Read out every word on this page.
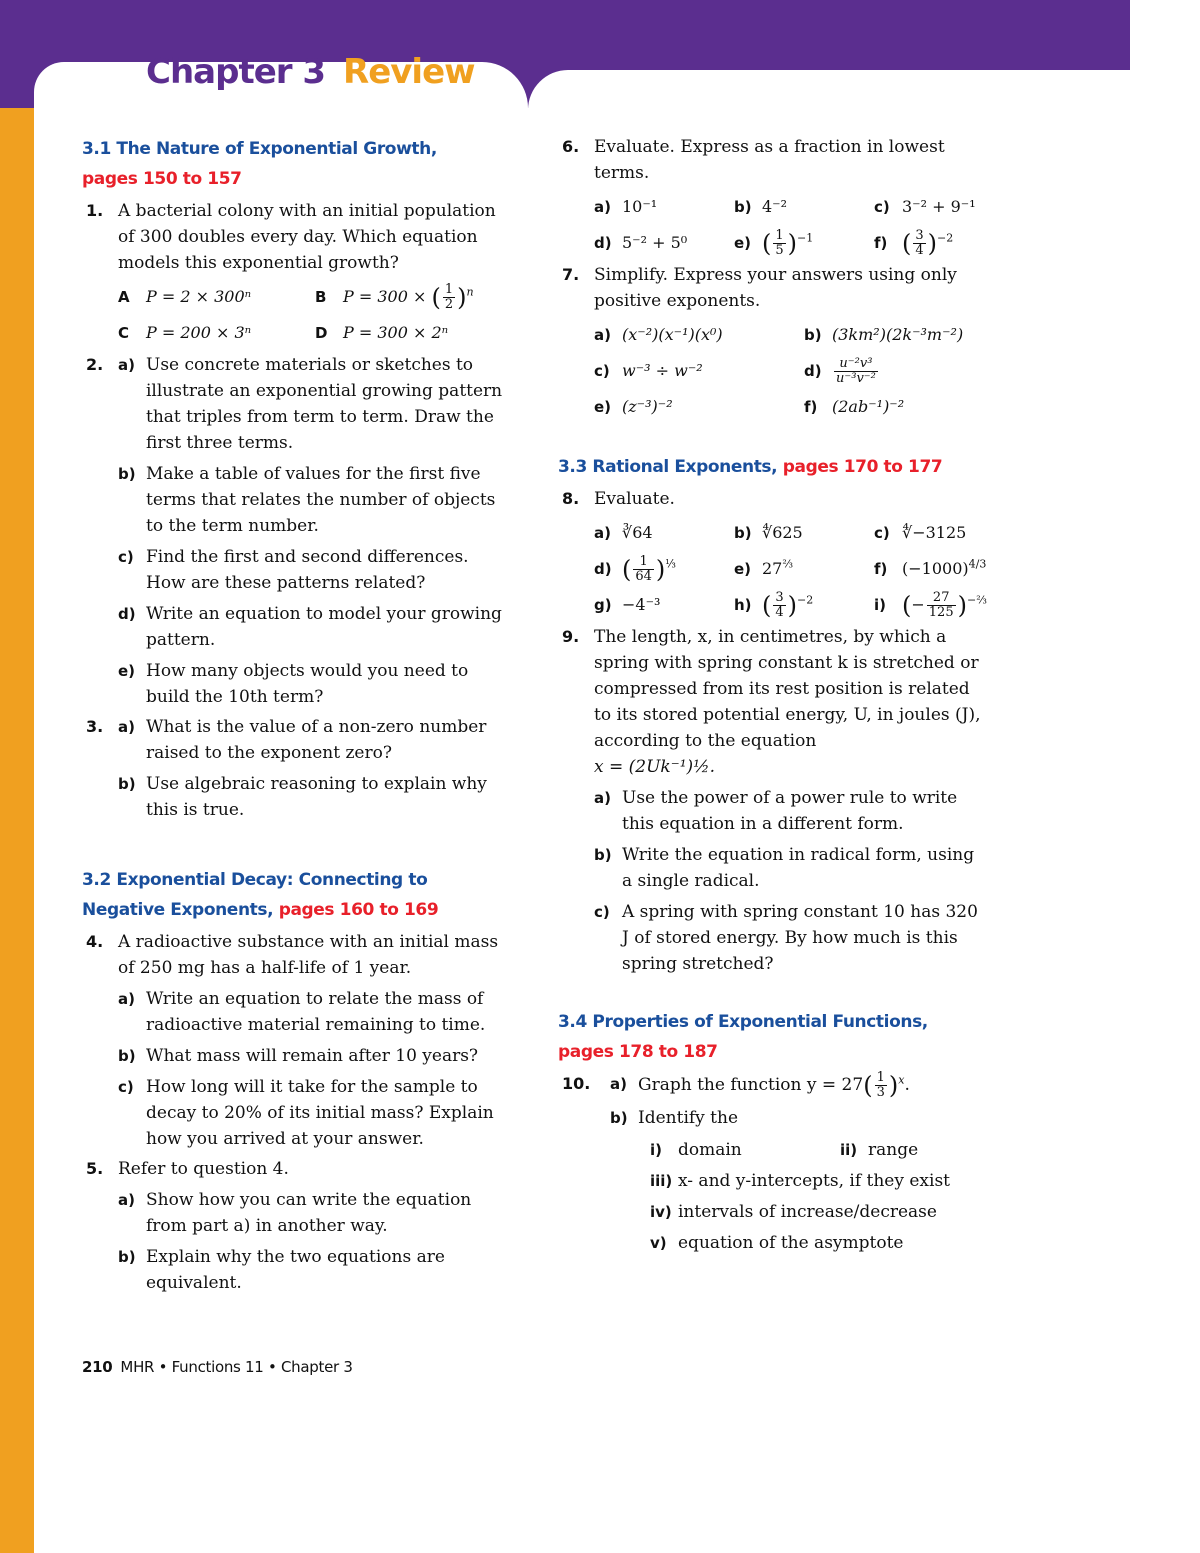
Chapter 3 Review
3.1 The Nature of Exponential Growth,
pages 150 to 157
1. A bacterial colony with an initial population of 300 doubles every day. Which equation models this exponential growth?
A P = 2 × 300ⁿ	B P = 300 × ( $\frac{1}{2} )^n$
C P = 200 × 3ⁿ	D P = 300 × 2ⁿ
2. a) Use concrete materials or sketches to illustrate an exponential growing pattern that triples from term to term. Draw the first three terms.
b) Make a table of values for the first five terms that relates the number of objects to the term number.
c) Find the first and second differences. How are these patterns related?
d) Write an equation to model your growing pattern.
e) How many objects would you need to build the 10th term?
3. a) What is the value of a non-zero number raised to the exponent zero?
b) Use algebraic reasoning to explain why this is true.
3.2 Exponential Decay: Connecting to Negative Exponents, pages 160 to 169
4. A radioactive substance with an initial mass of 250 mg has a half-life of 1 year.
a) Write an equation to relate the mass of radioactive material remaining to time.
b) What mass will remain after 10 years?
c) How long will it take for the sample to decay to 20% of its initial mass? Explain how you arrived at your answer.
5. Refer to question 4.
a) Show how you can write the equation from part a) in another way.
b) Explain why the two equations are equivalent.
6. Evaluate. Express as a fraction in lowest terms.
a) 10⁻¹	b) 4⁻²	c) 3⁻² + 9⁻¹
d) 5⁻² + 5⁰	e) ( $\frac{1}{5} )^{-1}$	f) ( $\frac{3}{4} )^{-2}$
7. Simplify. Express your answers using only positive exponents.
a) (x⁻²)(x⁻¹)(x⁰)	b) (3km²)(2k⁻³m⁻²)
c) w⁻³ ÷ w⁻²	$d) \frac{\text{u⁻²v³}}{\text{u⁻³v⁻²}}$
e) (z⁻³)⁻²	f) (2ab⁻¹)⁻²
3.3 Rational Exponents, pages 170 to 177
8. Evaluate.
a) ∛64	b) ∜625	c) ∜−3125
d) ( $\frac{1}{64} )^{\frac{1}{3}}$	e) $27^{\frac{2}{3}}$	f) $(-1000)^{4/3}$
g) −4⁻³	h) ( $\frac{3}{4} )^{-2}$	i) (− $\frac{27}{125} )^{-\frac{2}{3}}$
9. The length, x, in centimetres, by which a spring with spring constant k is stretched or compressed from its rest position is related to its stored potential energy, U, in joules (J), according to the equation
x = (2Uk⁻¹)½.
a) Use the power of a power rule to write this equation in a different form.
b) Write the equation in radical form, using a single radical.
c) A spring with spring constant 10 has 320 J of stored energy. By how much is this spring stretched?
3.4 Properties of Exponential Functions,
pages 178 to 187
10. a) Graph the function $y = 27( \frac{1}{3} )^x$.
b) Identify the
i) domain	ii) range
iii) x- and y-intercepts, if they exist
iv) intervals of increase/decrease
v) equation of the asymptote
210 MHR • Functions 11 • Chapter 3
